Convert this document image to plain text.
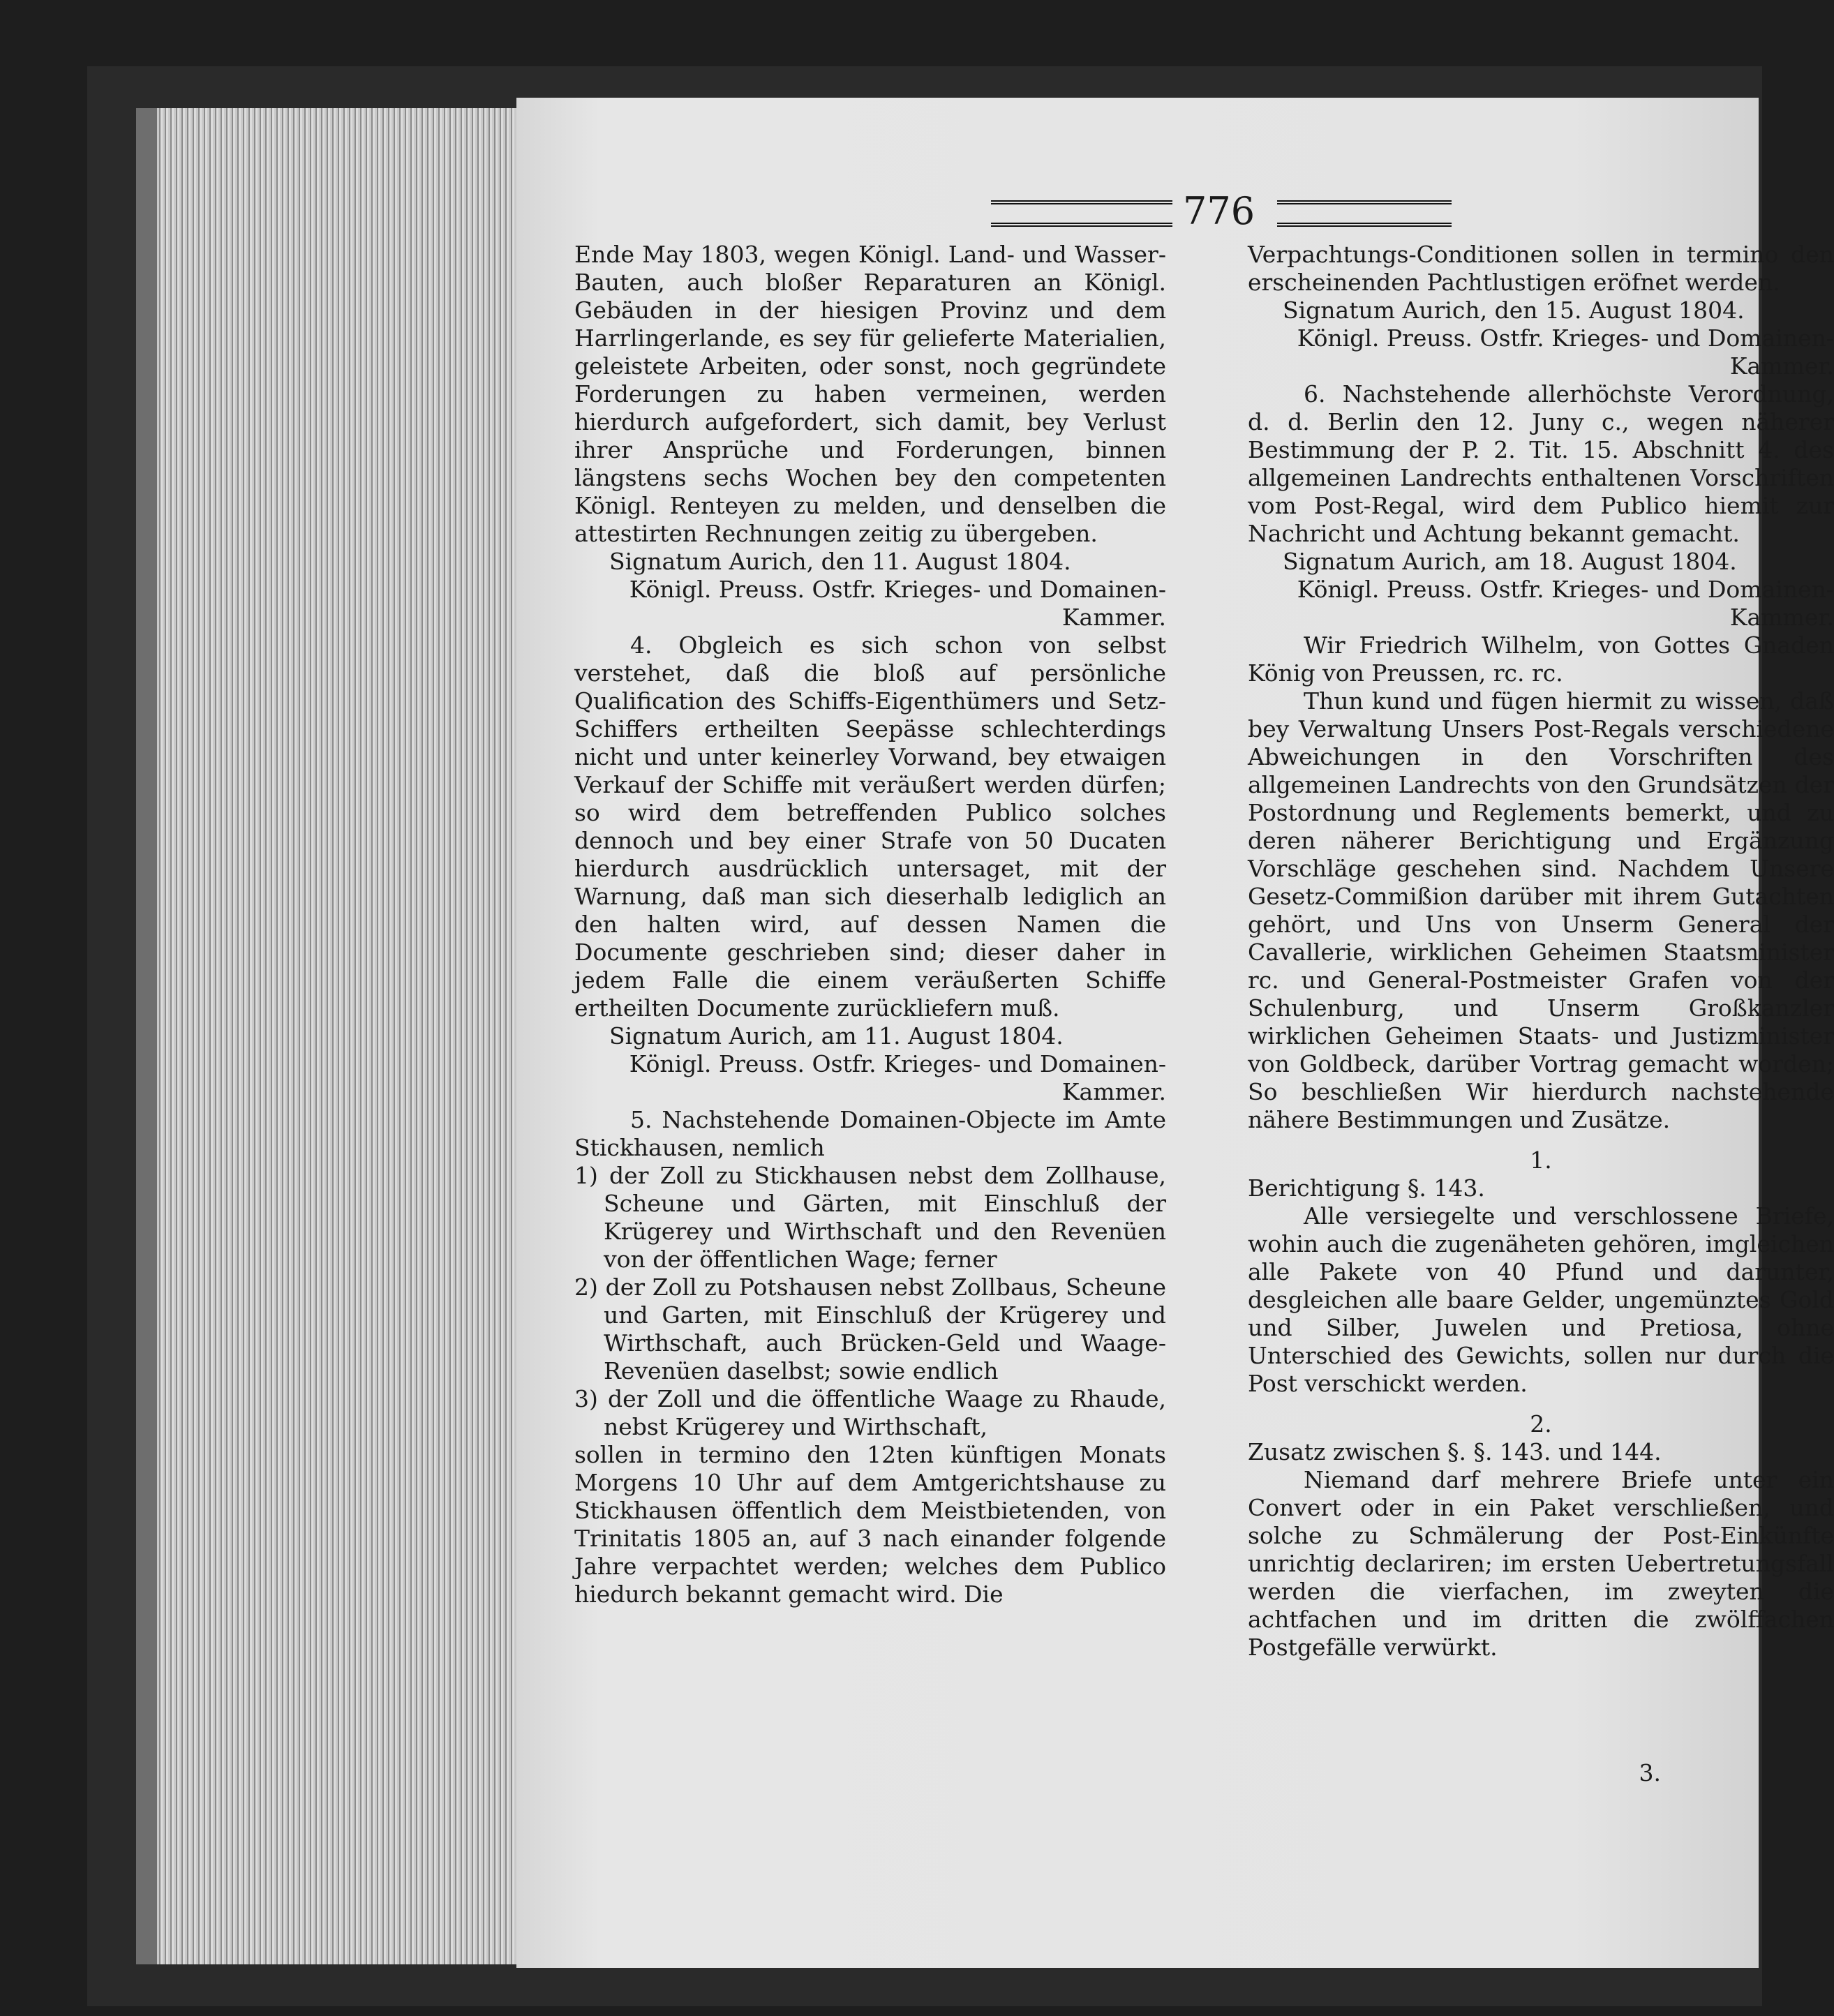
776

Ende May 1803, wegen Königl. Land- und Wasser-Bauten, auch bloßer Reparaturen an Königl. Gebäuden in der hiesigen Provinz und dem Harrlingerlande, es sey für gelieferte Materialien, geleistete Arbeiten, oder sonst, noch gegründete Forderungen zu haben vermeinen, werden hierdurch aufgefordert, sich damit, bey Verlust ihrer Ansprüche und Forderungen, binnen längstens sechs Wochen bey den competenten Königl. Renteyen zu melden, und denselben die attestirten Rechnungen zeitig zu übergeben.

Signatum Aurich, den 11. August 1804.

Königl. Preuss. Ostfr. Krieges- und Domainen-Kammer.

4. Obgleich es sich schon von selbst verstehet, daß die bloß auf persönliche Qualification des Schiffs-Eigenthümers und Setz-Schiffers ertheilten Seepässe schlechterdings nicht und unter keinerley Vorwand, bey etwaigen Verkauf der Schiffe mit veräußert werden dürfen; so wird dem betreffenden Publico solches dennoch und bey einer Strafe von 50 Ducaten hierdurch ausdrücklich untersaget, mit der Warnung, daß man sich dieserhalb lediglich an den halten wird, auf dessen Namen die Documente geschrieben sind; dieser daher in jedem Falle die einem veräußerten Schiffe ertheilten Documente zurückliefern muß.

Signatum Aurich, am 11. August 1804.

Königl. Preuss. Ostfr. Krieges- und Domainen-Kammer.

5. Nachstehende Domainen-Objecte im Amte Stickhausen, nemlich

1) der Zoll zu Stickhausen nebst dem Zollhause, Scheune und Gärten, mit Einschluß der Krügerey und Wirthschaft und den Revenüen von der öffentlichen Wage; ferner

2) der Zoll zu Potshausen nebst Zollbaus, Scheune und Garten, mit Einschluß der Krügerey und Wirthschaft, auch Brücken-Geld und Waage-Revenüen daselbst; sowie endlich

3) der Zoll und die öffentliche Waage zu Rhaude, nebst Krügerey und Wirthschaft,

sollen in termino den 12ten künftigen Monats Morgens 10 Uhr auf dem Amtgerichtshause zu Stickhausen öffentlich dem Meistbietenden, von Trinitatis 1805 an, auf 3 nach einander folgende Jahre verpachtet werden; welches dem Publico hiedurch bekannt gemacht wird. Die

Verpachtungs-Conditionen sollen in termino den erscheinenden Pachtlustigen eröfnet werden.

Signatum Aurich, den 15. August 1804.

Königl. Preuss. Ostfr. Krieges- und Domainen-Kammer.

6. Nachstehende allerhöchste Verordnung, d. d. Berlin den 12. Juny c., wegen näherer Bestimmung der P. 2. Tit. 15. Abschnitt 4. des allgemeinen Landrechts enthaltenen Vorschriften vom Post-Regal, wird dem Publico hiemit zur Nachricht und Achtung bekannt gemacht.

Signatum Aurich, am 18. August 1804.

Königl. Preuss. Ostfr. Krieges- und Domainen-Kammer.

Wir Friedrich Wilhelm, von Gottes Gnaden König von Preussen, rc. rc.

Thun kund und fügen hiermit zu wissen, daß bey Verwaltung Unsers Post-Regals verschiedene Abweichungen in den Vorschriften des allgemeinen Landrechts von den Grundsätzen der Postordnung und Reglements bemerkt, und zu deren näherer Berichtigung und Ergänzung Vorschläge geschehen sind. Nachdem Unsere Gesetz-Commißion darüber mit ihrem Gutachten gehört, und Uns von Unserm General der Cavallerie, wirklichen Geheimen Staatsminister rc. und General-Postmeister Grafen von der Schulenburg, und Unserm Großkanzler wirklichen Geheimen Staats- und Justizminister von Goldbeck, darüber Vortrag gemacht worden; So beschließen Wir hierdurch nachstehende nähere Bestimmungen und Zusätze.

1.

Berichtigung §. 143.

Alle versiegelte und verschlossene Briefe, wohin auch die zugenäheten gehören, imgleichen alle Pakete von 40 Pfund und darunter, desgleichen alle baare Gelder, ungemünztes Gold und Silber, Juwelen und Pretiosa, ohne Unterschied des Gewichts, sollen nur durch die Post verschickt werden.

2.

Zusatz zwischen §. §. 143. und 144.

Niemand darf mehrere Briefe unter ein Convert oder in ein Paket verschließen, und solche zu Schmälerung der Post-Einkünfte unrichtig declariren; im ersten Uebertretungsfall werden die vierfachen, im zweyten die achtfachen und im dritten die zwölffachen Postgefälle verwürkt.

3.
